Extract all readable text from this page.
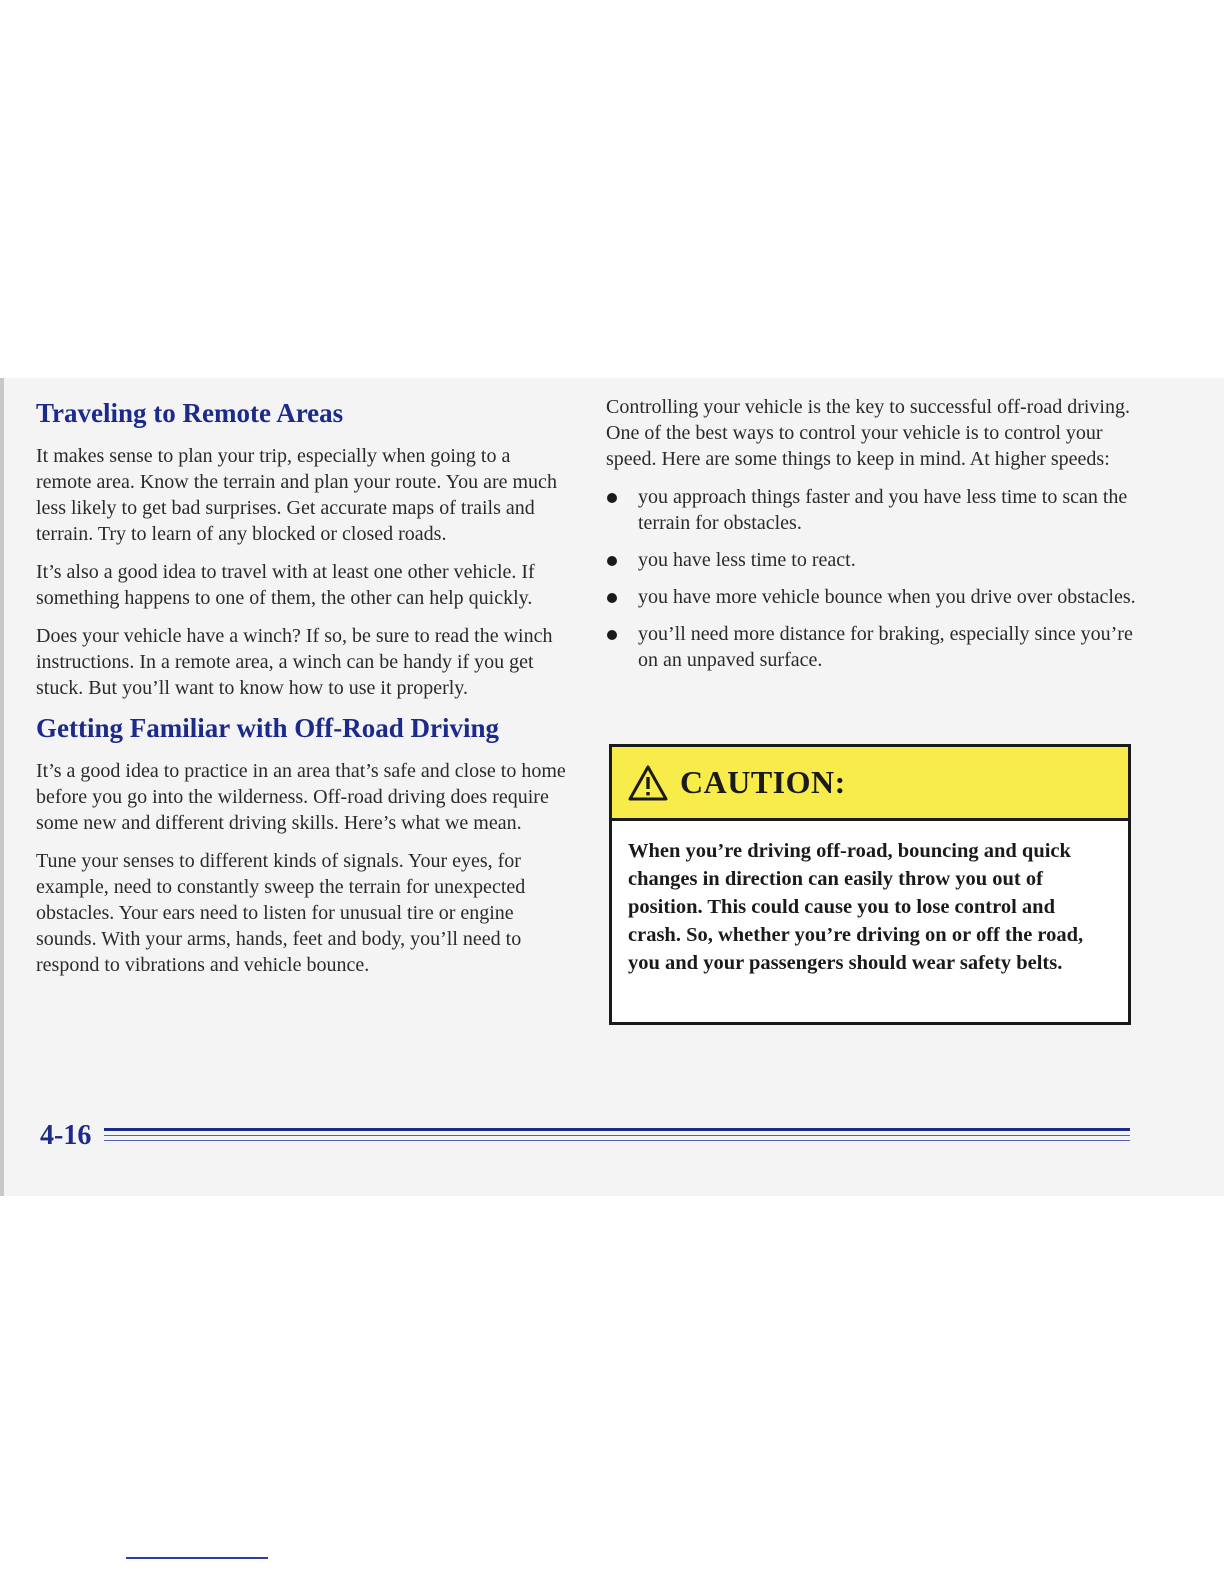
Traveling to Remote Areas

It makes sense to plan your trip, especially when going to a remote area. Know the terrain and plan your route. You are much less likely to get bad surprises. Get accurate maps of trails and terrain. Try to learn of any blocked or closed roads.

It’s also a good idea to travel with at least one other vehicle. If something happens to one of them, the other can help quickly.

Does your vehicle have a winch? If so, be sure to read the winch instructions. In a remote area, a winch can be handy if you get stuck. But you’ll want to know how to use it properly.

Getting Familiar with Off-Road Driving

It’s a good idea to practice in an area that’s safe and close to home before you go into the wilderness. Off-road driving does require some new and different driving skills. Here’s what we mean.

Tune your senses to different kinds of signals. Your eyes, for example, need to constantly sweep the terrain for unexpected obstacles. Your ears need to listen for unusual tire or engine sounds. With your arms, hands, feet and body, you’ll need to respond to vibrations and vehicle bounce.

Controlling your vehicle is the key to successful off-road driving. One of the best ways to control your vehicle is to control your speed. Here are some things to keep in mind. At higher speeds:

you approach things faster and you have less time to scan the terrain for obstacles.
you have less time to react.
you have more vehicle bounce when you drive over obstacles.
you’ll need more distance for braking, especially since you’re on an unpaved surface.
CAUTION:
When you’re driving off-road, bouncing and quick changes in direction can easily throw you out of position. This could cause you to lose control and crash. So, whether you’re driving on or off the road, you and your passengers should wear safety belts.
4-16
